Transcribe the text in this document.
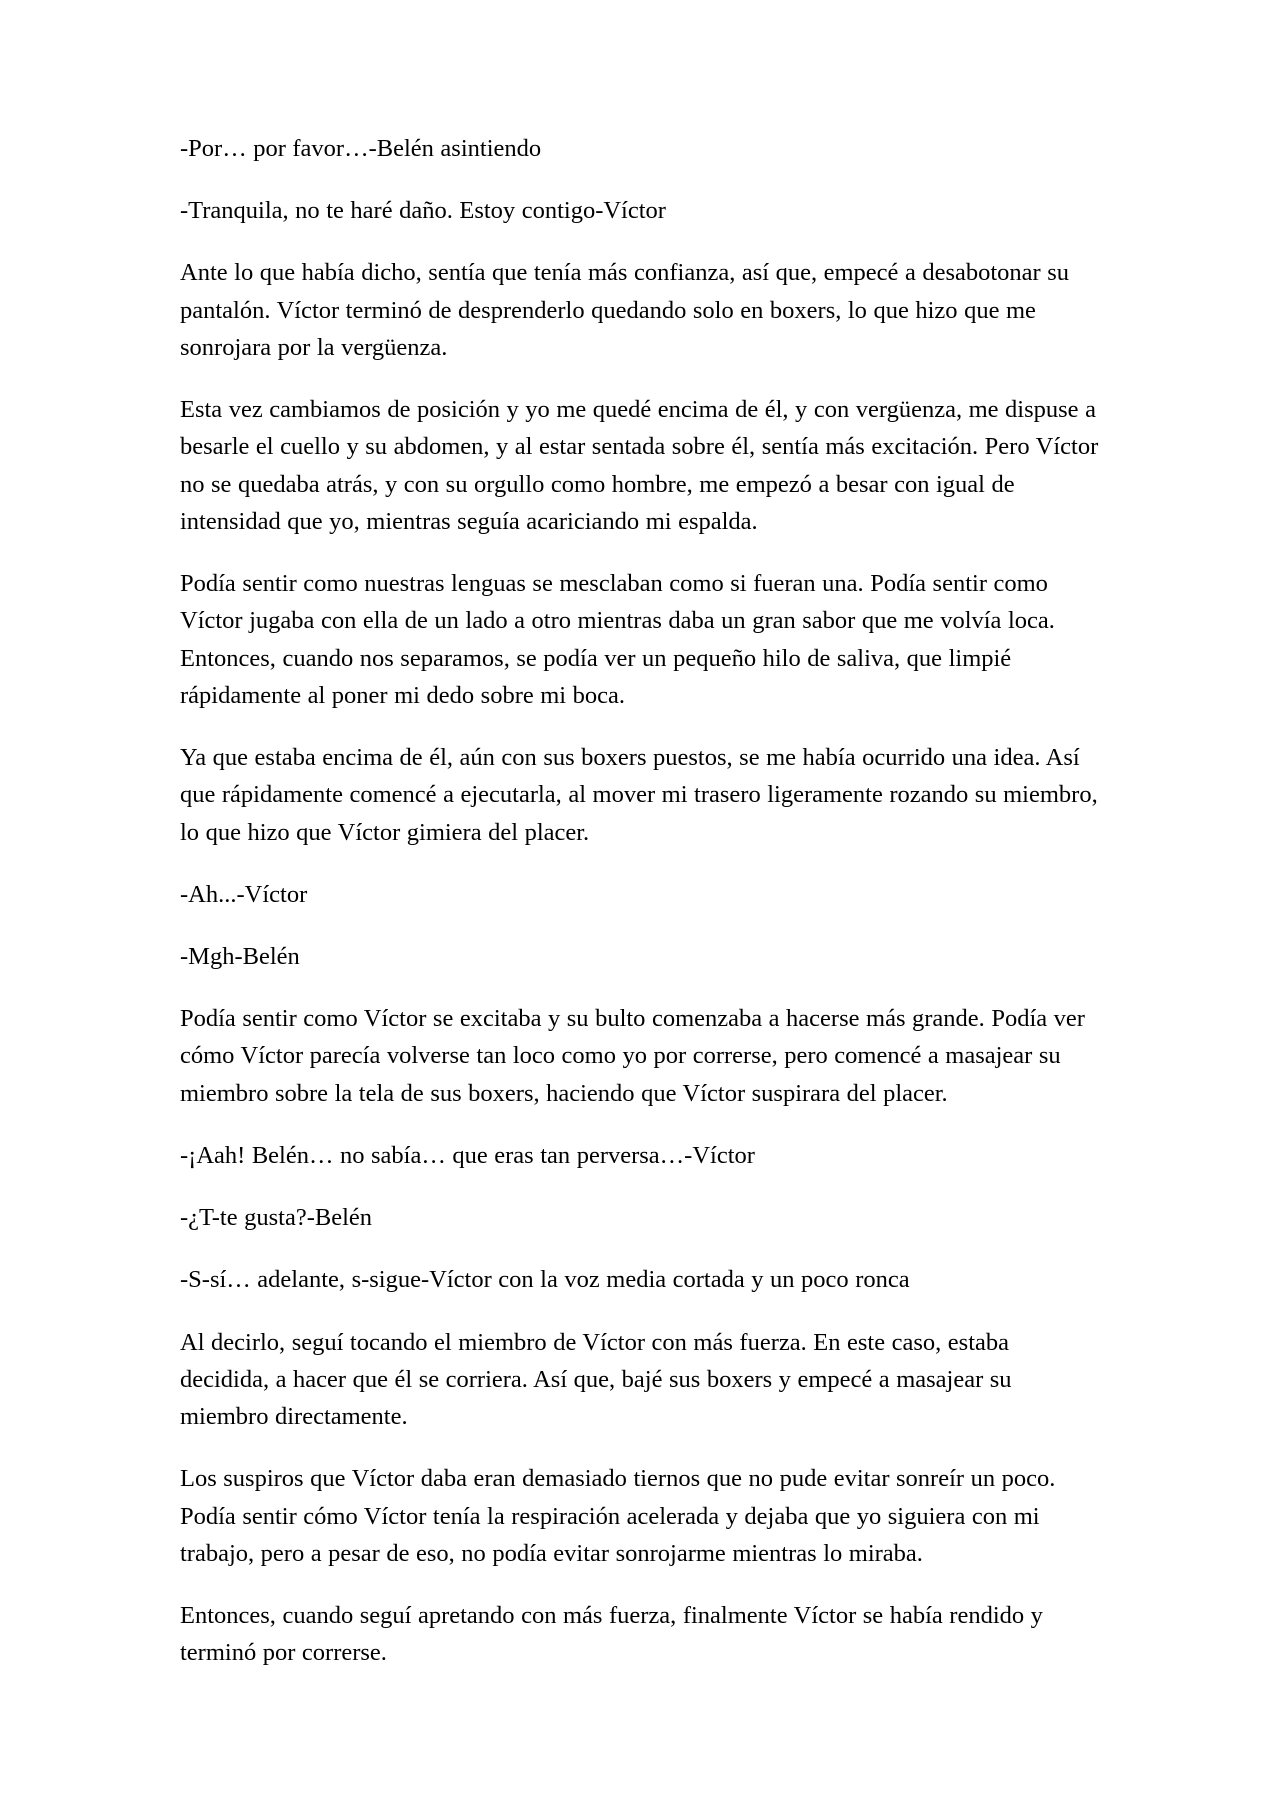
-Por… por favor…-Belén asintiendo

-Tranquila, no te haré daño. Estoy contigo-Víctor

Ante lo que había dicho, sentía que tenía más confianza, así que, empecé a desabotonar su pantalón. Víctor terminó de desprenderlo quedando solo en boxers, lo que hizo que me sonrojara por la vergüenza.

Esta vez cambiamos de posición y yo me quedé encima de él, y con vergüenza, me dispuse a besarle el cuello y su abdomen, y al estar sentada sobre él, sentía más excitación. Pero Víctor no se quedaba atrás, y con su orgullo como hombre, me empezó a besar con igual de intensidad que yo, mientras seguía acariciando mi espalda.

Podía sentir como nuestras lenguas se mesclaban como si fueran una. Podía sentir como Víctor jugaba con ella de un lado a otro mientras daba un gran sabor que me volvía loca. Entonces, cuando nos separamos, se podía ver un pequeño hilo de saliva, que limpié rápidamente al poner mi dedo sobre mi boca.

Ya que estaba encima de él, aún con sus boxers puestos, se me había ocurrido una idea. Así que rápidamente comencé a ejecutarla, al mover mi trasero ligeramente rozando su miembro, lo que hizo que Víctor gimiera del placer.

-Ah...-Víctor

-Mgh-Belén

Podía sentir como Víctor se excitaba y su bulto comenzaba a hacerse más grande. Podía ver cómo Víctor parecía volverse tan loco como yo por correrse, pero comencé a masajear su miembro sobre la tela de sus boxers, haciendo que Víctor suspirara del placer.

-¡Aah! Belén… no sabía… que eras tan perversa…-Víctor

-¿T-te gusta?-Belén

-S-sí… adelante, s-sigue-Víctor con la voz media cortada y un poco ronca

Al decirlo, seguí tocando el miembro de Víctor con más fuerza. En este caso, estaba decidida, a hacer que él se corriera. Así que, bajé sus boxers y empecé a masajear su miembro directamente.

Los suspiros que Víctor daba eran demasiado tiernos que no pude evitar sonreír un poco. Podía sentir cómo Víctor tenía la respiración acelerada y dejaba que yo siguiera con mi trabajo, pero a pesar de eso, no podía evitar sonrojarme mientras lo miraba.

Entonces, cuando seguí apretando con más fuerza, finalmente Víctor se había rendido y terminó por correrse.
